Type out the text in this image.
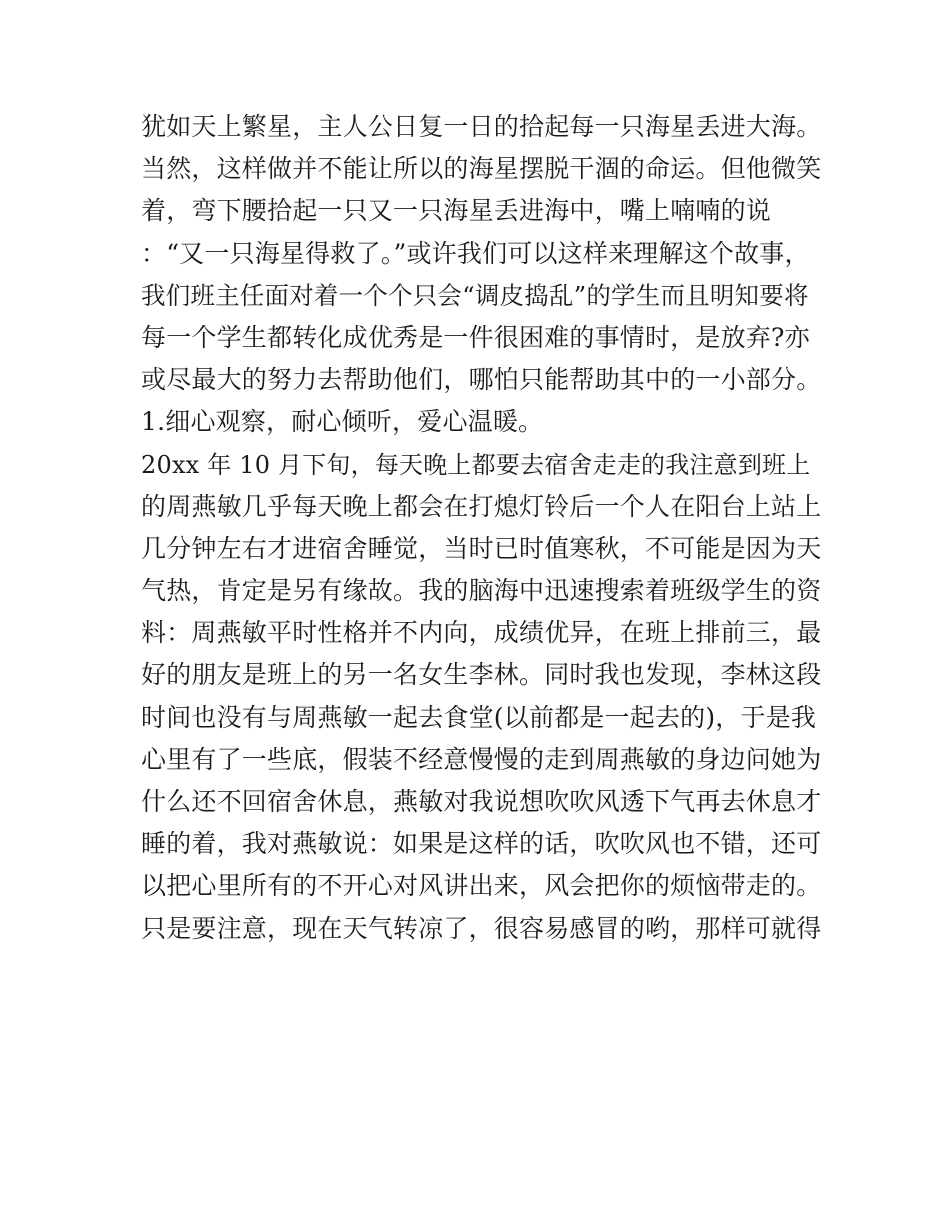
犹如天上繁星，主人公日复一日的拾起每一只海星丢进大海。
当然，这样做并不能让所以的海星摆脱干涸的命运。但他微笑
着，弯下腰拾起一只又一只海星丢进海中，嘴上喃喃的说
：“又一只海星得救了。”或许我们可以这样来理解这个故事，
我们班主任面对着一个个只会“调皮捣乱”的学生而且明知要将
每一个学生都转化成优秀是一件很困难的事情时，是放弃?亦
或尽最大的努力去帮助他们，哪怕只能帮助其中的一小部分。
1.细心观察，耐心倾听，爱心温暖。
20xx 年 10 月下旬，每天晚上都要去宿舍走走的我注意到班上
的周燕敏几乎每天晚上都会在打熄灯铃后一个人在阳台上站上
几分钟左右才进宿舍睡觉，当时已时值寒秋，不可能是因为天
气热，肯定是另有缘故。我的脑海中迅速搜索着班级学生的资
料：周燕敏平时性格并不内向，成绩优异，在班上排前三，最
好的朋友是班上的另一名女生李林。同时我也发现，李林这段
时间也没有与周燕敏一起去食堂(以前都是一起去的)，于是我
心里有了一些底，假装不经意慢慢的走到周燕敏的身边问她为
什么还不回宿舍休息，燕敏对我说想吹吹风透下气再去休息才
睡的着，我对燕敏说：如果是这样的话，吹吹风也不错，还可
以把心里所有的不开心对风讲出来，风会把你的烦恼带走的。
只是要注意，现在天气转凉了，很容易感冒的哟，那样可就得
